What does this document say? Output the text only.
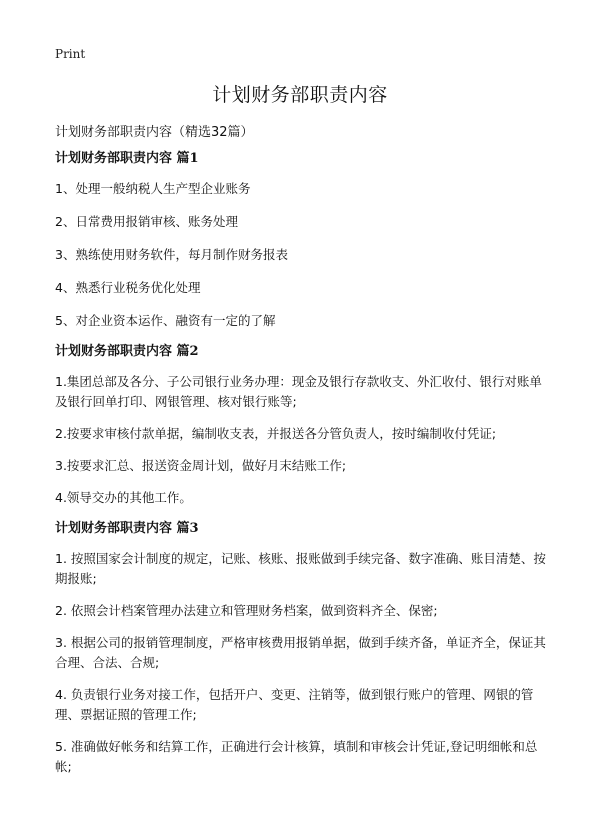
Print
计划财务部职责内容
计划财务部职责内容（精选32篇）
计划财务部职责内容 篇1

1、处理一般纳税人生产型企业账务

2、日常费用报销审核、账务处理

3、熟练使用财务软件，每月制作财务报表

4、熟悉行业税务优化处理

5、对企业资本运作、融资有一定的了解

计划财务部职责内容 篇2

1.集团总部及各分、子公司银行业务办理：现金及银行存款收支、外汇收付、银行对账单及银行回单打印、网银管理、核对银行账等;

2.按要求审核付款单据，编制收支表，并报送各分管负责人，按时编制收付凭证;

3.按要求汇总、报送资金周计划，做好月末结账工作;

4.领导交办的其他工作。

计划财务部职责内容 篇3

1. 按照国家会计制度的规定，记账、核账、报账做到手续完备、数字准确、账目清楚、按期报账;

2. 依照会计档案管理办法建立和管理财务档案，做到资料齐全、保密;

3. 根据公司的报销管理制度，严格审核费用报销单据，做到手续齐备，单证齐全，保证其合理、合法、合规;

4. 负责银行业务对接工作，包括开户、变更、注销等，做到银行账户的管理、网银的管理、票据证照的管理工作;

5. 准确做好帐务和结算工作，正确进行会计核算，填制和审核会计凭证,登记明细帐和总帐;
